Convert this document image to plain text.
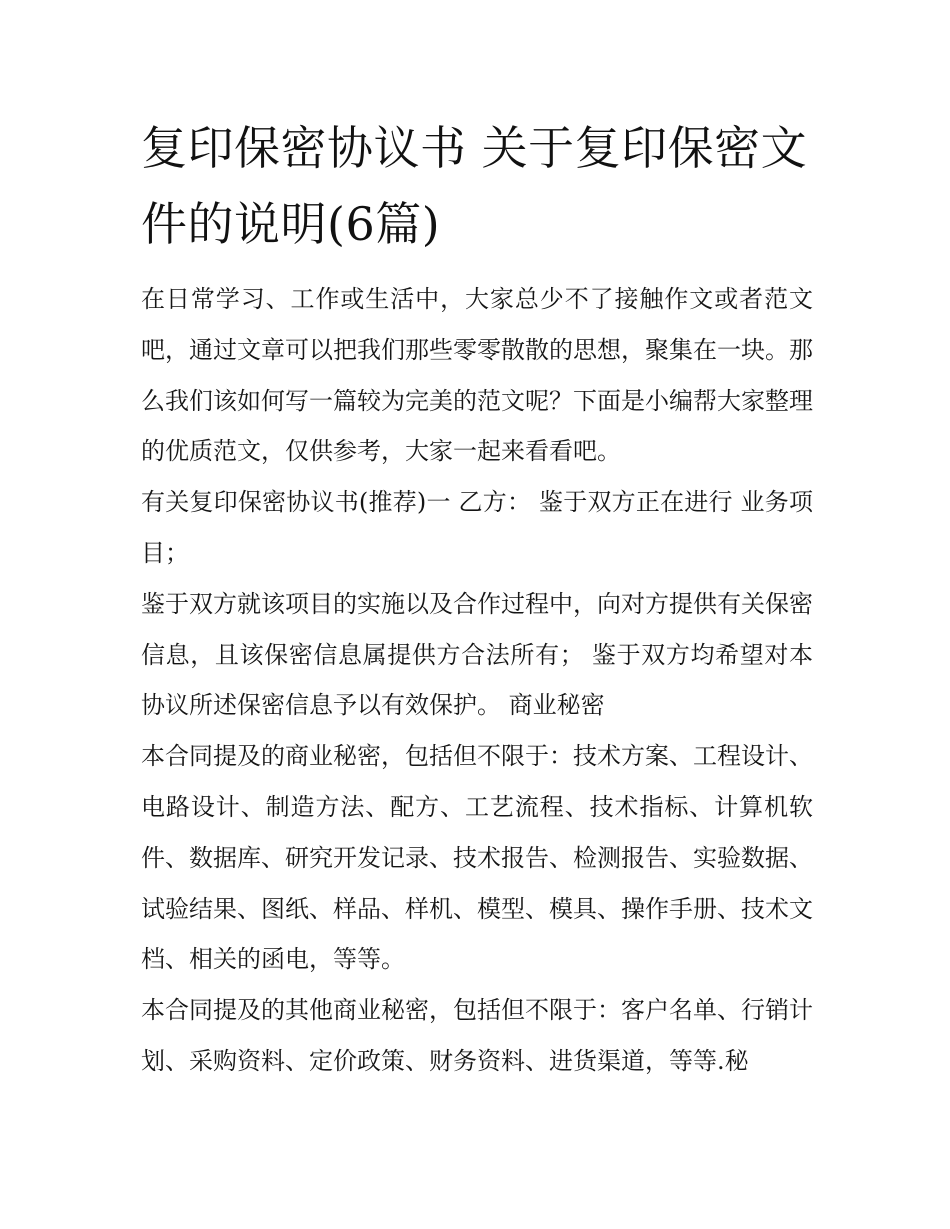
复印保密协议书 关于复印保密文件的说明(6篇)

在日常学习、工作或生活中，大家总少不了接触作文或者范文吧，通过文章可以把我们那些零零散散的思想，聚集在一块。那么我们该如何写一篇较为完美的范文呢？下面是小编帮大家整理的优质范文，仅供参考，大家一起来看看吧。

有关复印保密协议书(推荐)一 乙方： 鉴于双方正在进行 业务项目；

鉴于双方就该项目的实施以及合作过程中，向对方提供有关保密信息，且该保密信息属提供方合法所有； 鉴于双方均希望对本协议所述保密信息予以有效保护。 商业秘密

本合同提及的商业秘密，包括但不限于：技术方案、工程设计、电路设计、制造方法、配方、工艺流程、技术指标、计算机软件、数据库、研究开发记录、技术报告、检测报告、实验数据、试验结果、图纸、样品、样机、模型、模具、操作手册、技术文档、相关的函电，等等。

本合同提及的其他商业秘密，包括但不限于：客户名单、行销计划、采购资料、定价政策、财务资料、进货渠道，等等.秘
